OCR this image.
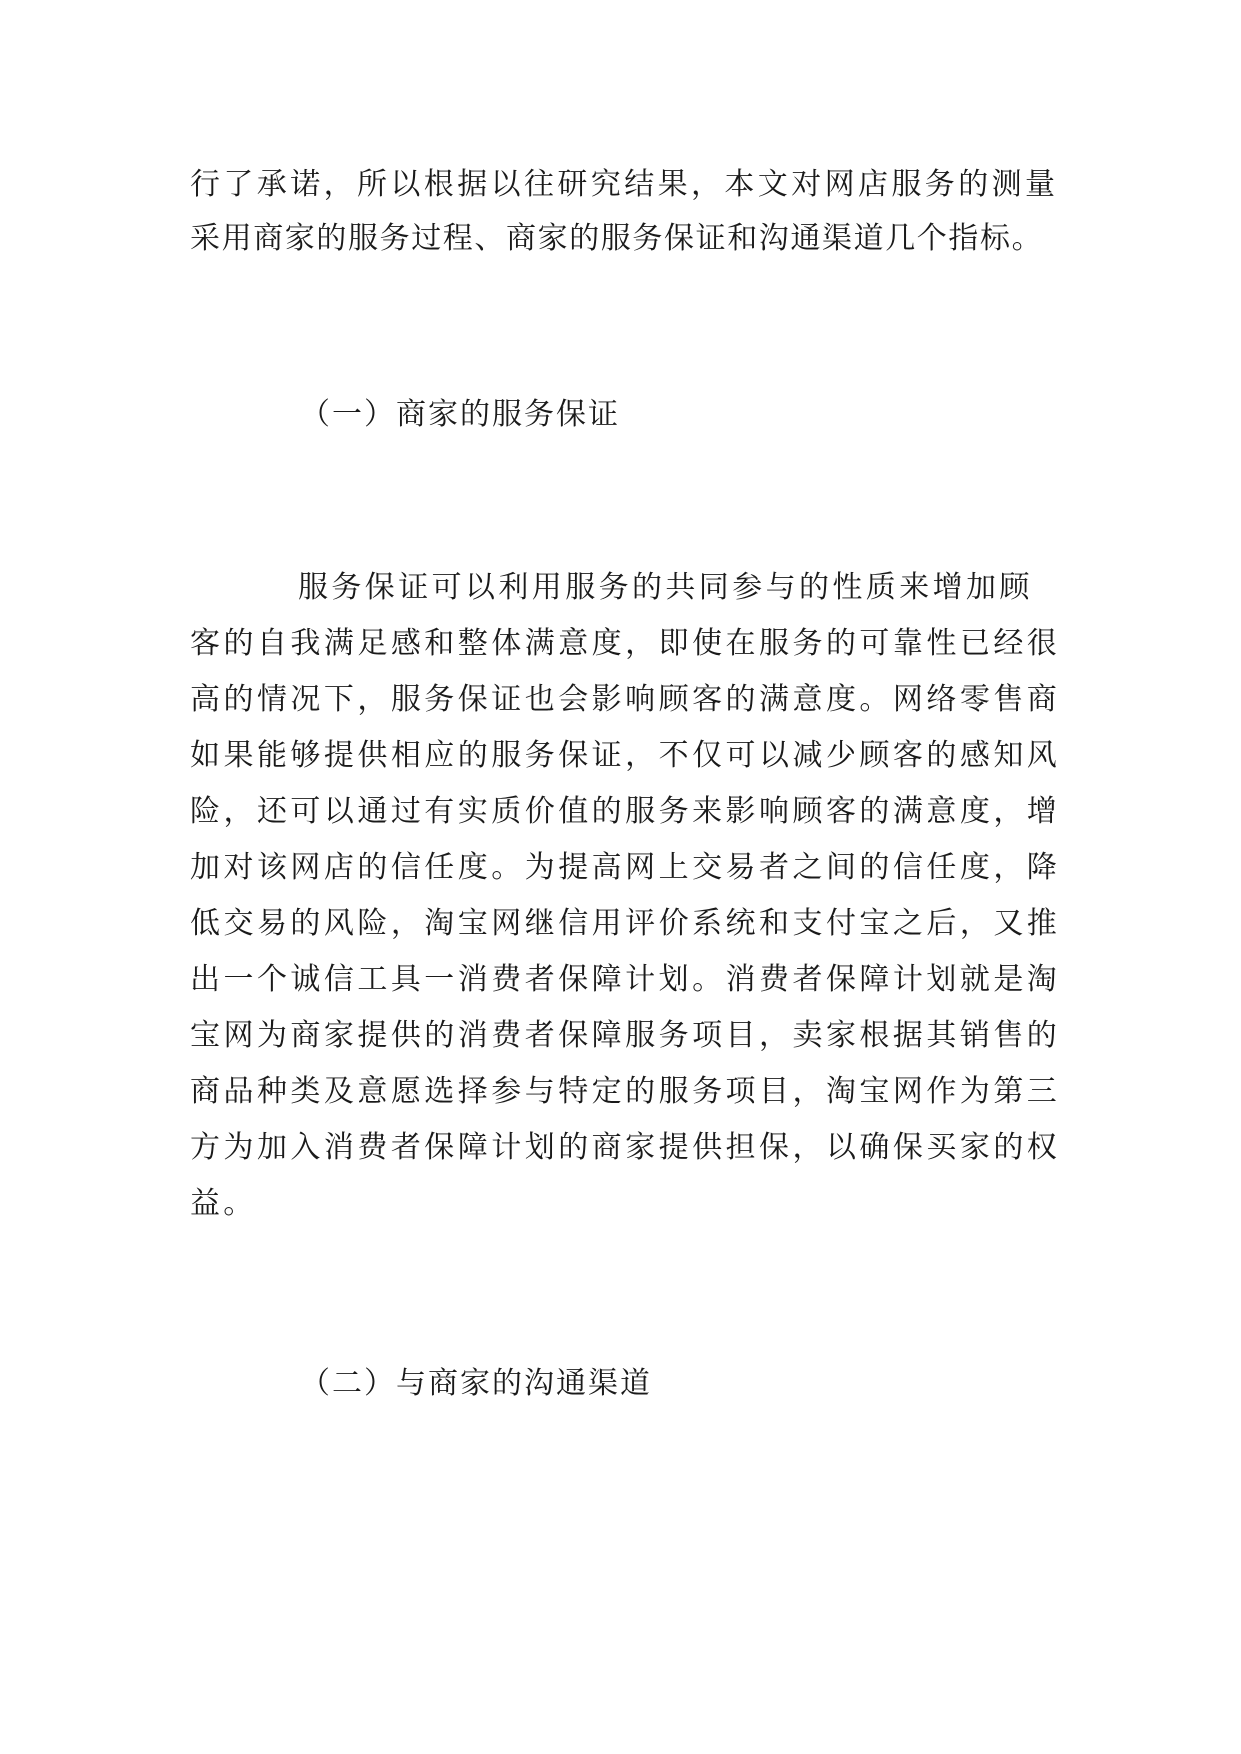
行了承诺，所以根据以往研究结果，本文对网店服务的测量
采用商家的服务过程、商家的服务保证和沟通渠道几个指标。
（一）商家的服务保证
服务保证可以利用服务的共同参与的性质来增加顾
客的自我满足感和整体满意度，即使在服务的可靠性已经很
高的情况下，服务保证也会影响顾客的满意度。网络零售商
如果能够提供相应的服务保证，不仅可以减少顾客的感知风
险，还可以通过有实质价值的服务来影响顾客的满意度，增
加对该网店的信任度。为提高网上交易者之间的信任度，降
低交易的风险，淘宝网继信用评价系统和支付宝之后，又推
出一个诚信工具一消费者保障计划。消费者保障计划就是淘
宝网为商家提供的消费者保障服务项目，卖家根据其销售的
商品种类及意愿选择参与特定的服务项目，淘宝网作为第三
方为加入消费者保障计划的商家提供担保，以确保买家的权
益。
（二）与商家的沟通渠道
